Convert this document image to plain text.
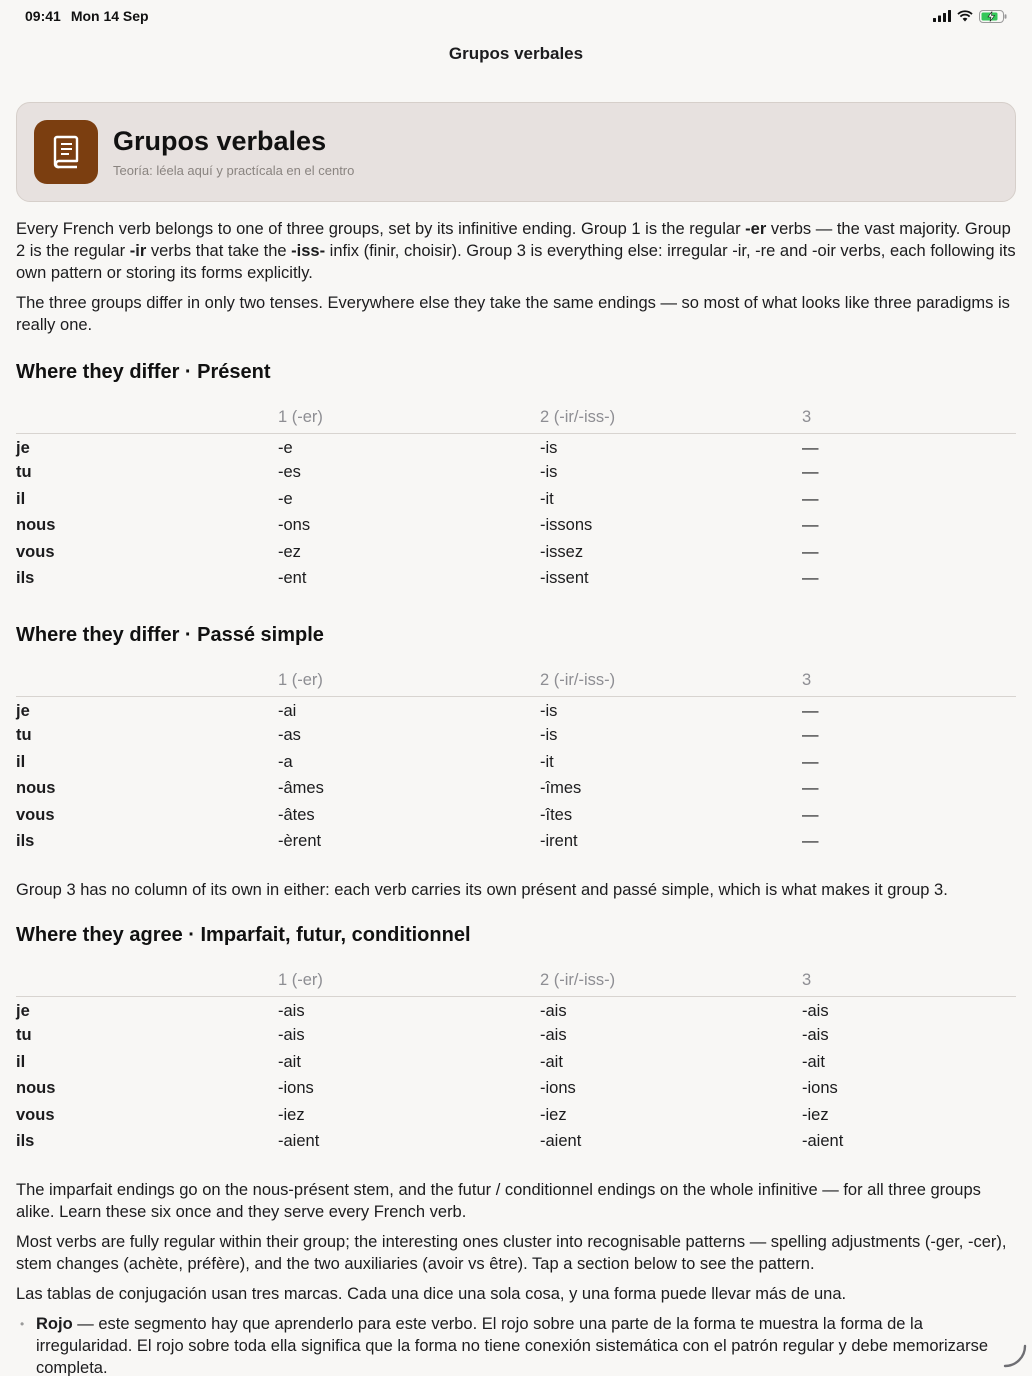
09:41 Mon 14 Sep
Grupos verbales
Grupos verbales
Teoría: léela aquí y practícala en el centro

Every French verb belongs to one of three groups, set by its infinitive ending. Group 1 is the regular -er verbs — the vast majority. Group 2 is the regular -ir verbs that take the -iss- infix (finir, choisir). Group 3 is everything else: irregular -ir, -re and -oir verbs, each following its own pattern or storing its forms explicitly.

The three groups differ in only two tenses. Everywhere else they take the same endings — so most of what looks like three paradigms is really one.

Where they differ · Présent
	1 (-er)	2 (-ir/-iss-)	3
je	-e	-is	—
tu	-es	-is	—
il	-e	-it	—
nous	-ons	-issons	—
vous	-ez	-issez	—
ils	-ent	-issent	—
Where they differ · Passé simple
	1 (-er)	2 (-ir/-iss-)	3
je	-ai	-is	—
tu	-as	-is	—
il	-a	-it	—
nous	-âmes	-îmes	—
vous	-âtes	-îtes	—
ils	-èrent	-irent	—

Group 3 has no column of its own in either: each verb carries its own présent and passé simple, which is what makes it group 3.

Where they agree · Imparfait, futur, conditionnel
	1 (-er)	2 (-ir/-iss-)	3
je	-ais	-ais	-ais
tu	-ais	-ais	-ais
il	-ait	-ait	-ait
nous	-ions	-ions	-ions
vous	-iez	-iez	-iez
ils	-aient	-aient	-aient

The imparfait endings go on the nous-présent stem, and the futur / conditionnel endings on the whole infinitive — for all three groups alike. Learn these six once and they serve every French verb.

Most verbs are fully regular within their group; the interesting ones cluster into recognisable patterns — spelling adjustments (-ger, -cer), stem changes (achète, préfère), and the two auxiliaries (avoir vs être). Tap a section below to see the pattern.

Las tablas de conjugación usan tres marcas. Cada una dice una sola cosa, y una forma puede llevar más de una.

• Rojo — este segmento hay que aprenderlo para este verbo. El rojo sobre una parte de la forma te muestra la forma de la irregularidad. El rojo sobre toda ella significa que la forma no tiene conexión sistemática con el patrón regular y debe memorizarse completa.
